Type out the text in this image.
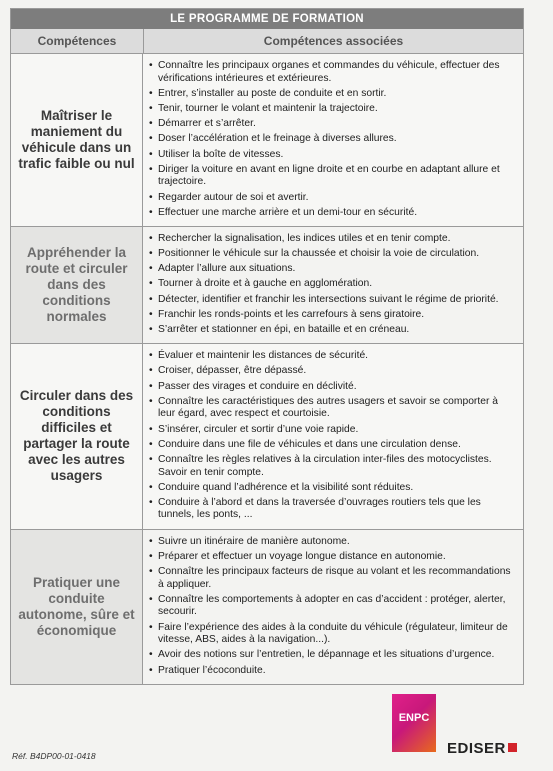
LE PROGRAMME DE FORMATION
Compétences	Compétences associées
Maîtriser le maniement du véhicule dans un trafic faible ou nul
• Connaître les principaux organes et commandes du véhicule, effectuer des vérifications intérieures et extérieures.
• Entrer, s’installer au poste de conduite et en sortir.
• Tenir, tourner le volant et maintenir la trajectoire.
• Démarrer et s’arrêter.
• Doser l’accélération et le freinage à diverses allures.
• Utiliser la boîte de vitesses.
• Diriger la voiture en avant en ligne droite et en courbe en adaptant allure et trajectoire.
• Regarder autour de soi et avertir.
• Effectuer une marche arrière et un demi-tour en sécurité.
Appréhender la route et circuler dans des conditions normales
• Rechercher la signalisation, les indices utiles et en tenir compte.
• Positionner le véhicule sur la chaussée et choisir la voie de circulation.
• Adapter l’allure aux situations.
• Tourner à droite et à gauche en agglomération.
• Détecter, identifier et franchir les intersections suivant le régime de priorité.
• Franchir les ronds-points et les carrefours à sens giratoire.
• S’arrêter et stationner en épi, en bataille et en créneau.
Circuler dans des conditions difficiles et partager la route avec les autres usagers
• Évaluer et maintenir les distances de sécurité.
• Croiser, dépasser, être dépassé.
• Passer des virages et conduire en déclivité.
• Connaître les caractéristiques des autres usagers et savoir se comporter à leur égard, avec respect et courtoisie.
• S’insérer, circuler et sortir d’une voie rapide.
• Conduire dans une file de véhicules et dans une circulation dense.
• Connaître les règles relatives à la circulation inter-files des motocyclistes. Savoir en tenir compte.
• Conduire quand l’adhérence et la visibilité sont réduites.
• Conduire à l’abord et dans la traversée d’ouvrages routiers tels que les tunnels, les ponts, ...
Pratiquer une conduite autonome, sûre et économique
• Suivre un itinéraire de manière autonome.
• Préparer et effectuer un voyage longue distance en autonomie.
• Connaître les principaux facteurs de risque au volant et les recommandations à appliquer.
• Connaître les comportements à adopter en cas d’accident : protéger, alerter, secourir.
• Faire l’expérience des aides à la conduite du véhicule (régulateur, limiteur de vitesse, ABS, aides à la navigation...).
• Avoir des notions sur l’entretien, le dépannage et les situations d’urgence.
• Pratiquer l’écoconduite.
Réf. B4DP00-01-0418
ENPC
EDISER
